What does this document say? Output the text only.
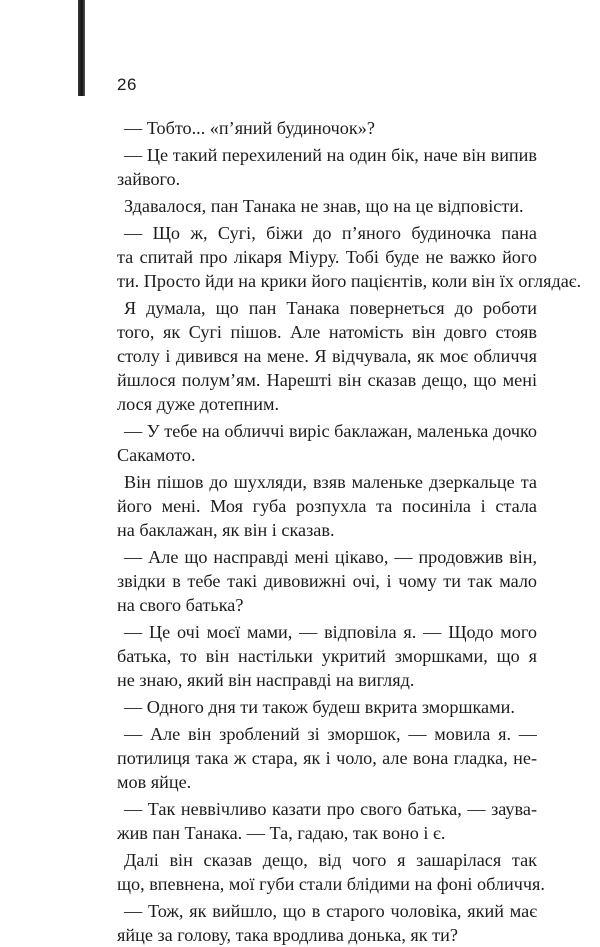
26
— Тобто... «п’яний будиночок»?
— Це такий перехилений на один бік, наче він випив
зайвого.
Здавалося, пан Танака не знав, що на це відповісти.
— Що ж, Сугі, біжи до п’яного будиночка пана
та спитай про лікаря Міуру. Тобі буде не важко його
ти. Просто йди на крики його пацієнтів, коли він їх оглядає.
Я думала, що пан Танака повернеться до роботи
того, як Сугі пішов. Але натомість він довго стояв
столу і дивився на мене. Я відчувала, як моє обличчя
йшлося полум’ям. Нарешті він сказав дещо, що мені
лося дуже дотепним.
— У тебе на обличчі виріс баклажан, маленька дочко
Сакамото.
Він пішов до шухляди, взяв маленьке дзеркальце та
його мені. Моя губа розпухла та посиніла і стала
на баклажан, як він і сказав.
— Але що насправді мені цікаво, — продовжив він,
звідки в тебе такі дивовижні очі, і чому ти так мало
на свого батька?
— Це очі моєї мами, — відповіла я. — Щодо мого
батька, то він настільки укритий зморшками, що я
не знаю, який він насправді на вигляд.
— Одного дня ти також будеш вкрита зморшками.
— Але він зроблений зі зморшок, — мовила я. —
потилиця така ж стара, як і чоло, але вона гладка, не-
мов яйце.
— Так неввічливо казати про свого батька, — заува-
жив пан Танака. — Та, гадаю, так воно і є.
Далі він сказав дещо, від чого я зашарілася так
що, впевнена, мої губи стали блідими на фоні обличчя.
— Тож, як вийшло, що в старого чоловіка, який має
яйце за голову, така вродлива донька, як ти?
